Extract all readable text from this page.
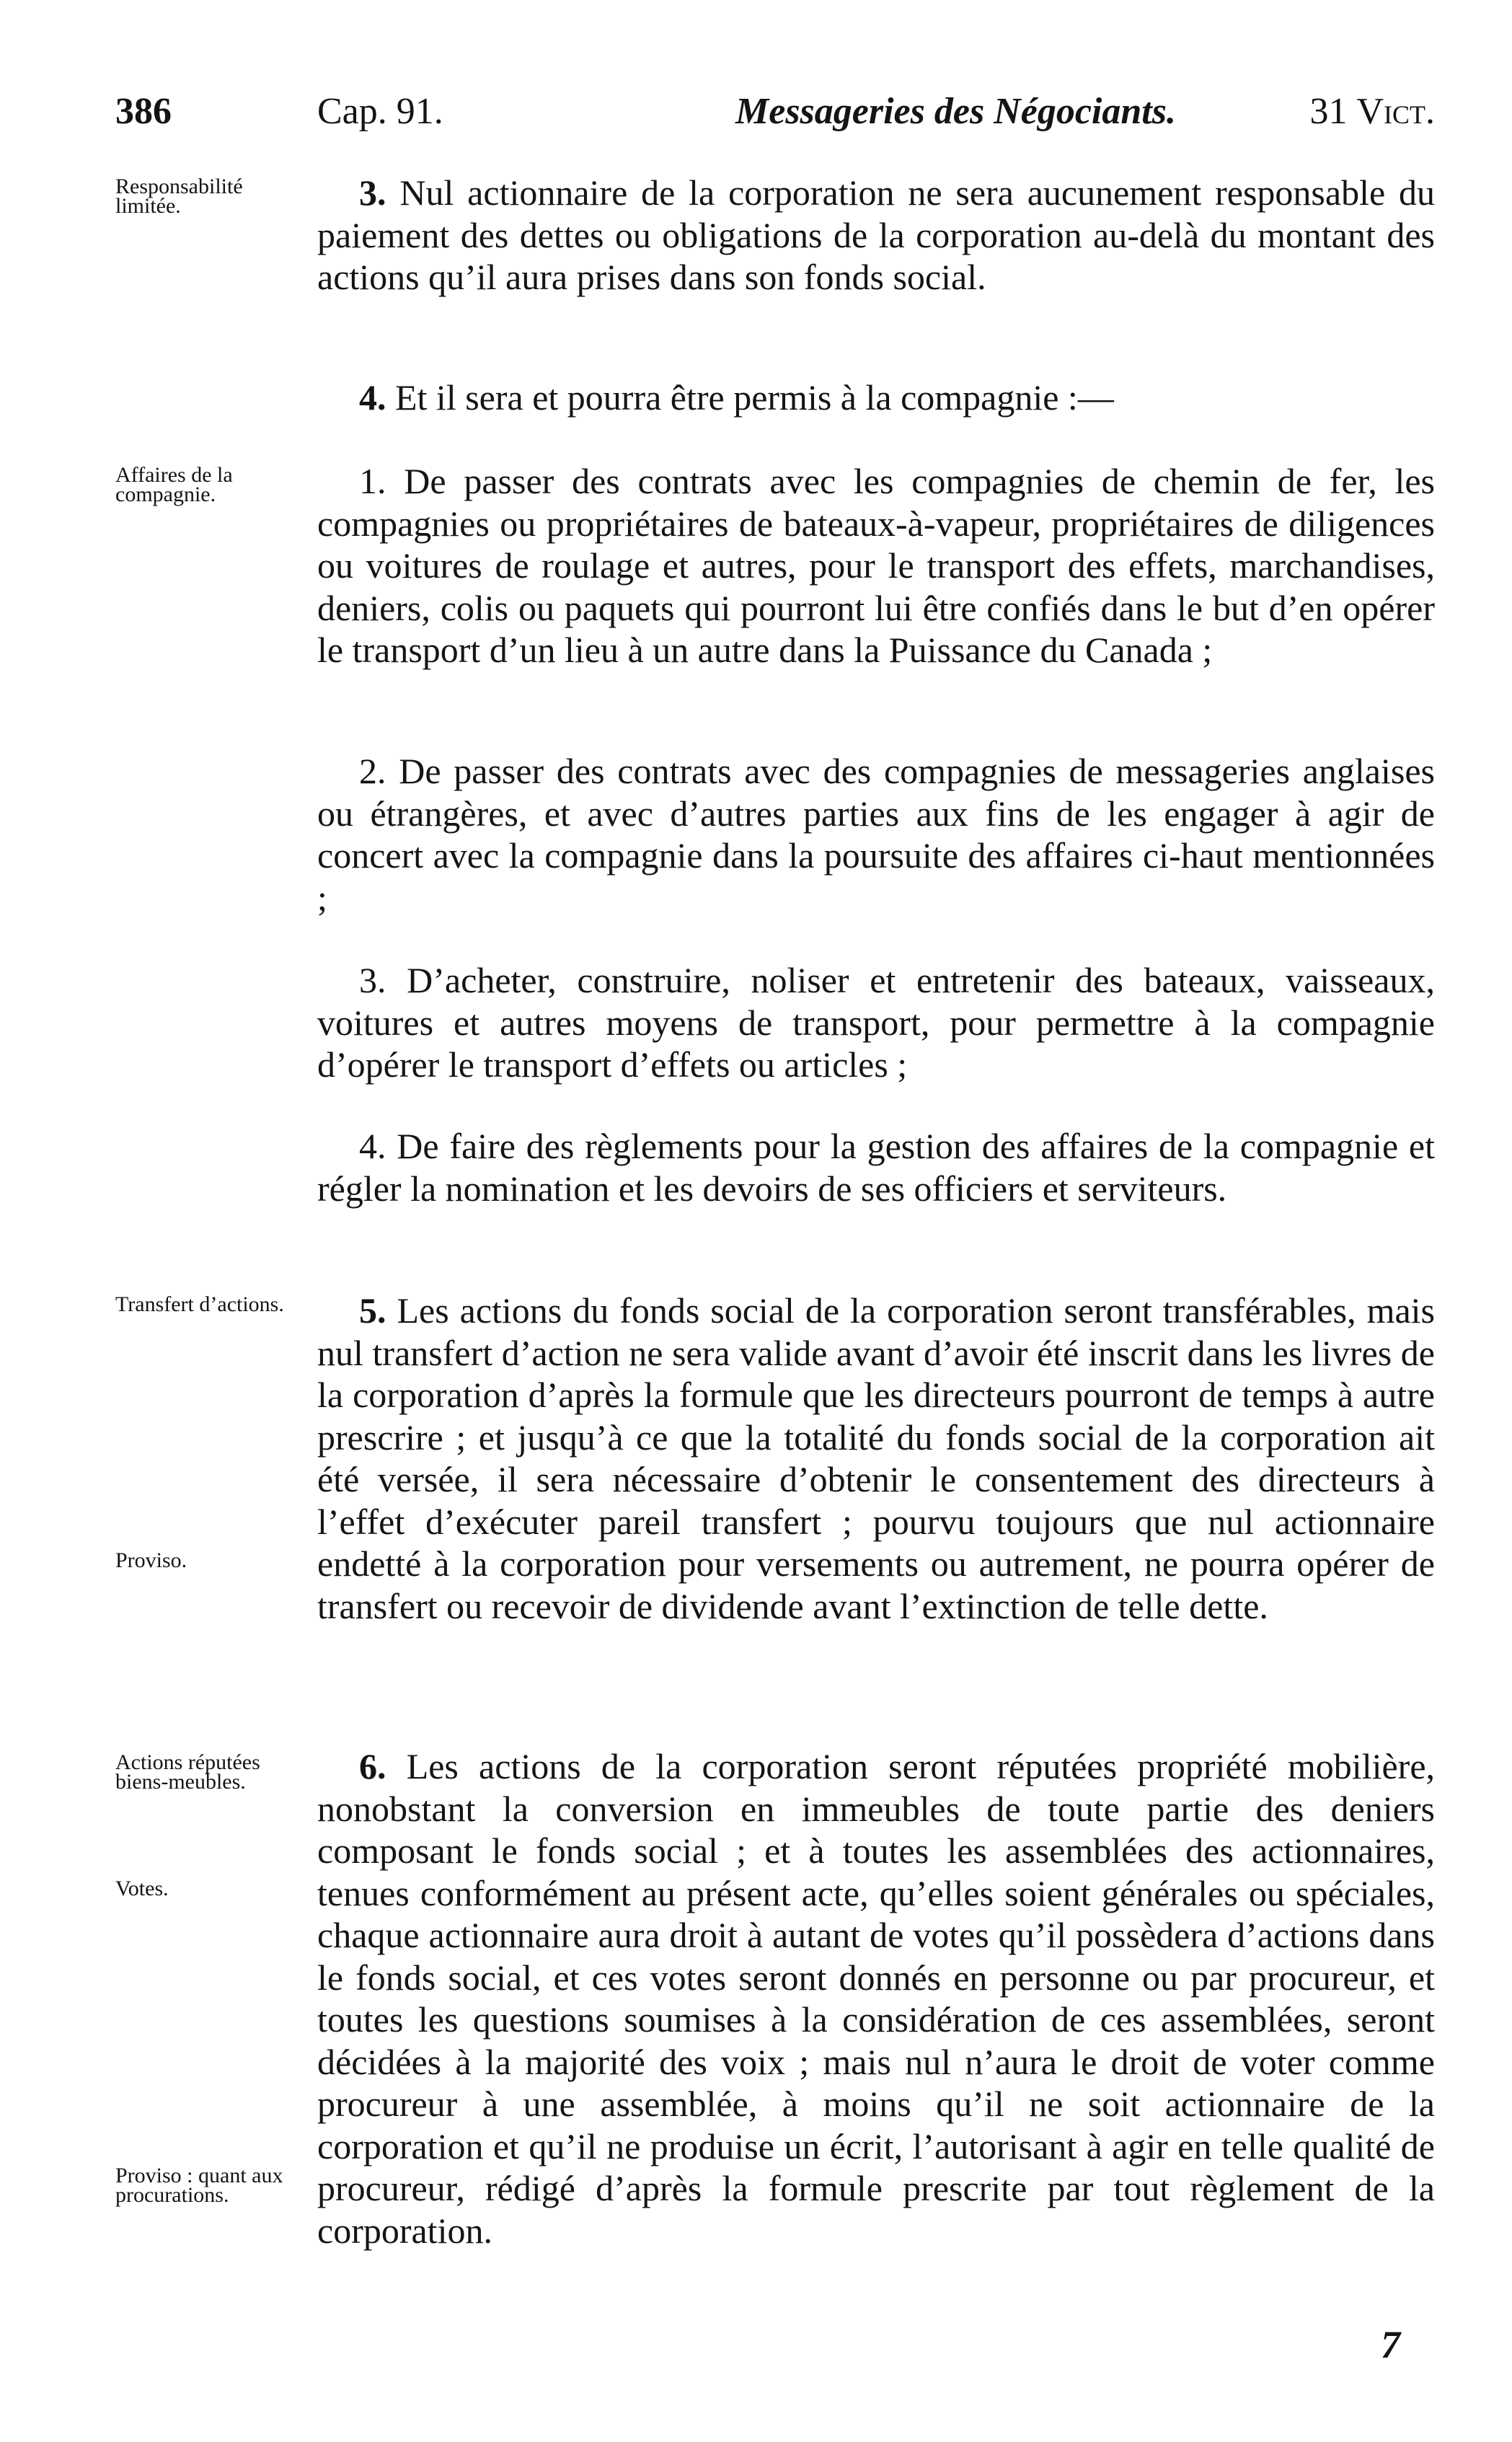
386	Cap. 91.	Messageries des Négociants.	31 Vict.
Responsabilité limitée.
Affaires de la compagnie.
Transfert d’actions.
Proviso.
Actions réputées biens-meubles.
Votes.
Proviso : quant aux procurations.

3. Nul actionnaire de la corporation ne sera aucunement responsable du paiement des dettes ou obligations de la corporation au-delà du montant des actions qu’il aura prises dans son fonds social.

4. Et il sera et pourra être permis à la compagnie :—

1. De passer des contrats avec les compagnies de chemin de fer, les compagnies ou propriétaires de bateaux-à-vapeur, propriétaires de diligences ou voitures de roulage et autres, pour le transport des effets, marchandises, deniers, colis ou paquets qui pourront lui être confiés dans le but d’en opérer le transport d’un lieu à un autre dans la Puissance du Canada ;

2. De passer des contrats avec des compagnies de messageries anglaises ou étrangères, et avec d’autres parties aux fins de les engager à agir de concert avec la compagnie dans la poursuite des affaires ci-haut mentionnées ;

3. D’acheter, construire, noliser et entretenir des bateaux, vaisseaux, voitures et autres moyens de transport, pour permettre à la compagnie d’opérer le transport d’effets ou articles ;

4. De faire des règlements pour la gestion des affaires de la compagnie et régler la nomination et les devoirs de ses officiers et serviteurs.

5. Les actions du fonds social de la corporation seront transférables, mais nul transfert d’action ne sera valide avant d’avoir été inscrit dans les livres de la corporation d’après la formule que les directeurs pourront de temps à autre prescrire ; et jusqu’à ce que la totalité du fonds social de la corporation ait été versée, il sera nécessaire d’obtenir le consentement des directeurs à l’effet d’exécuter pareil transfert ; pourvu toujours que nul actionnaire endetté à la corporation pour versements ou autrement, ne pourra opérer de transfert ou recevoir de dividende avant l’extinction de telle dette.

6. Les actions de la corporation seront réputées propriété mobilière, nonobstant la conversion en immeubles de toute partie des deniers composant le fonds social ; et à toutes les assemblées des actionnaires, tenues conformément au présent acte, qu’elles soient générales ou spéciales, chaque actionnaire aura droit à autant de votes qu’il possèdera d’actions dans le fonds social, et ces votes seront donnés en personne ou par procureur, et toutes les questions soumises à la considération de ces assemblées, seront décidées à la majorité des voix ; mais nul n’aura le droit de voter comme procureur à une assemblée, à moins qu’il ne soit actionnaire de la corporation et qu’il ne produise un écrit, l’autorisant à agir en telle qualité de procureur, rédigé d’après la formule prescrite par tout règlement de la corporation.

7
